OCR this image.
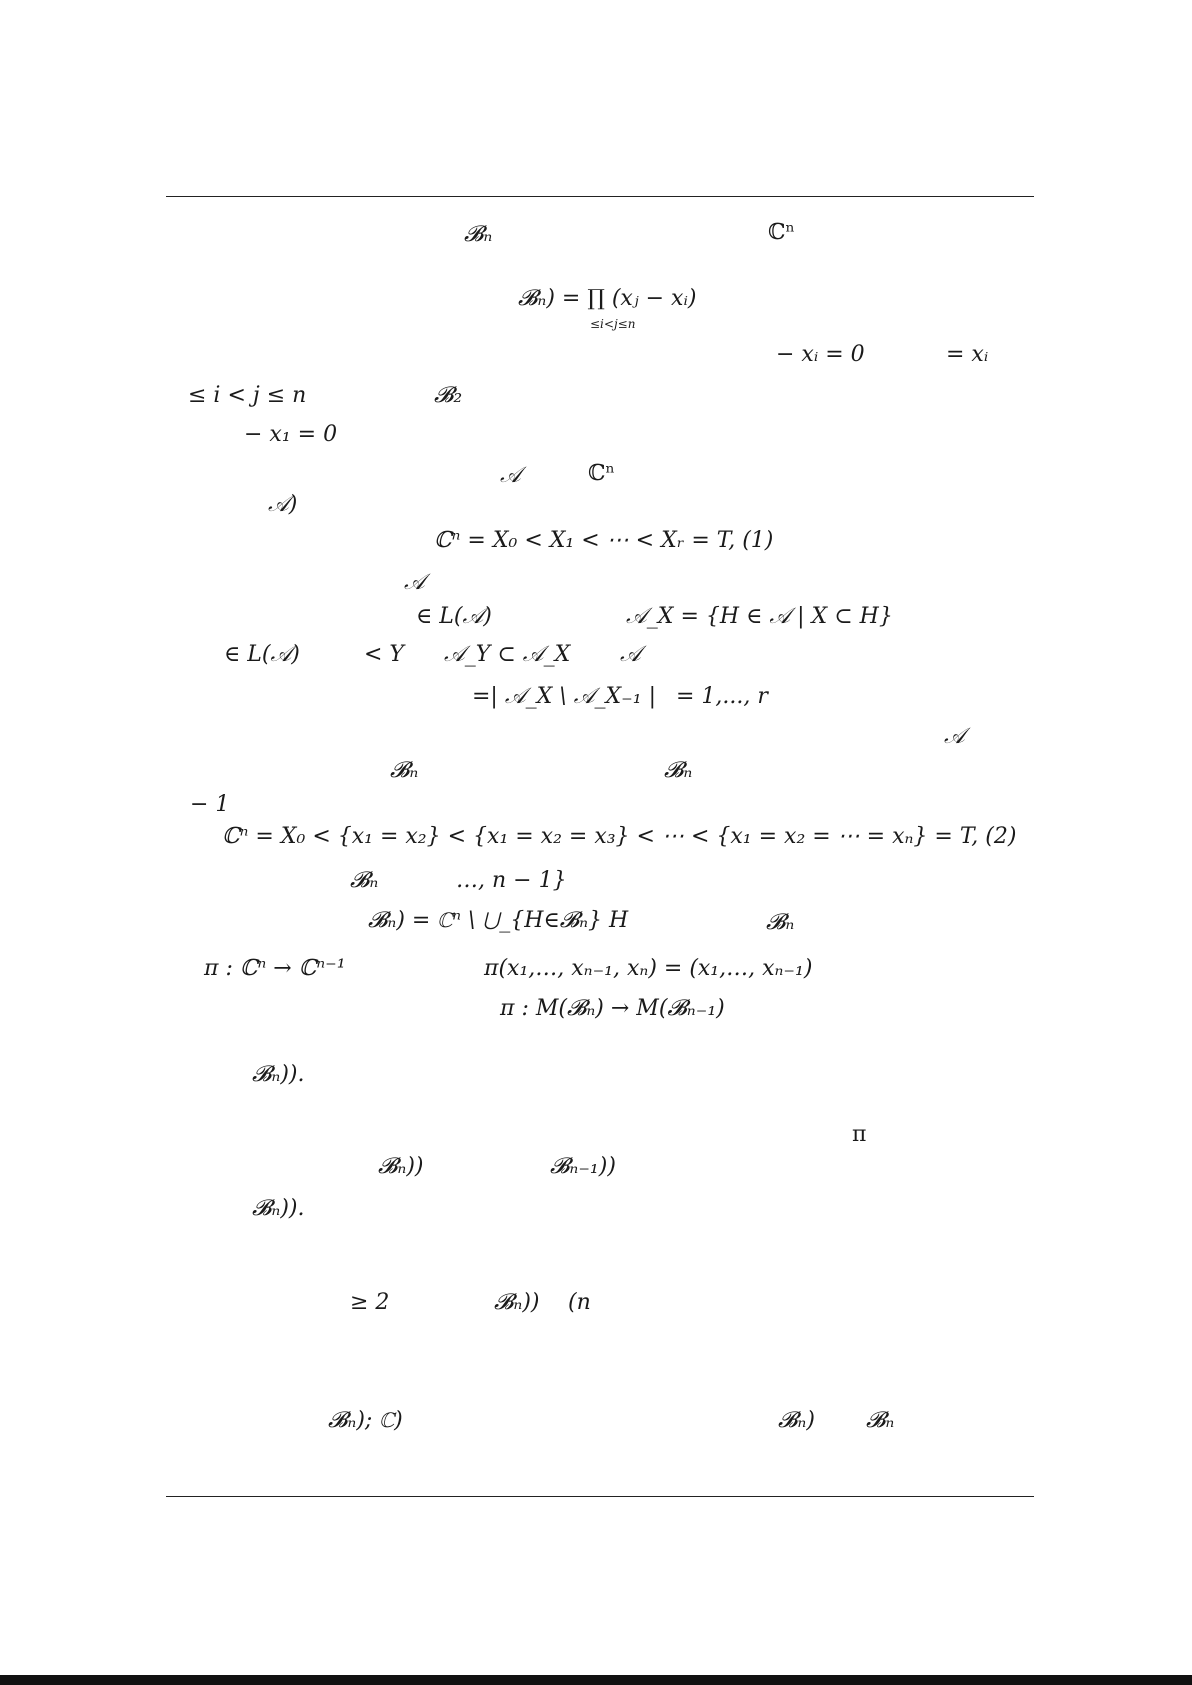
𝓑ₙ	ℂⁿ
𝓑ₙ) = ∏ (xⱼ − xᵢ)
≤i<j≤n
− xᵢ = 0	= xᵢ
≤ i < j ≤ n	𝓑₂
− x₁ = 0
𝒜	ℂⁿ
𝒜)
ℂⁿ = X₀ < X₁ < ⋯ < Xᵣ = T, (1)
𝒜
∈ L(𝒜)	𝒜_X = {H ∈ 𝒜 | X ⊂ H}
∈ L(𝒜)	< Y 𝒜_Y ⊂ 𝒜_X 𝒜
=| 𝒜_X \ 𝒜_X₋₁ | = 1,..., r
𝒜
𝓑ₙ	𝓑ₙ
− 1
ℂⁿ = X₀ < {x₁ = x₂} < {x₁ = x₂ = x₃} < ⋯ < {x₁ = x₂ = ⋯ = xₙ} = T, (2)
𝓑ₙ	…, n − 1}
𝓑ₙ) = ℂⁿ \ ⋃_{H∈𝓑ₙ} H	𝓑ₙ
π : ℂⁿ → ℂⁿ⁻¹	π(x₁,…, xₙ₋₁, xₙ) = (x₁,…, xₙ₋₁)
π : M(𝓑ₙ) → M(𝓑ₙ₋₁)
𝓑ₙ)).
π
𝓑ₙ))	𝓑ₙ₋₁))
𝓑ₙ)).
≥ 2	𝓑ₙ)) (n
𝓑ₙ); ℂ)	𝓑ₙ) 𝓑ₙ
